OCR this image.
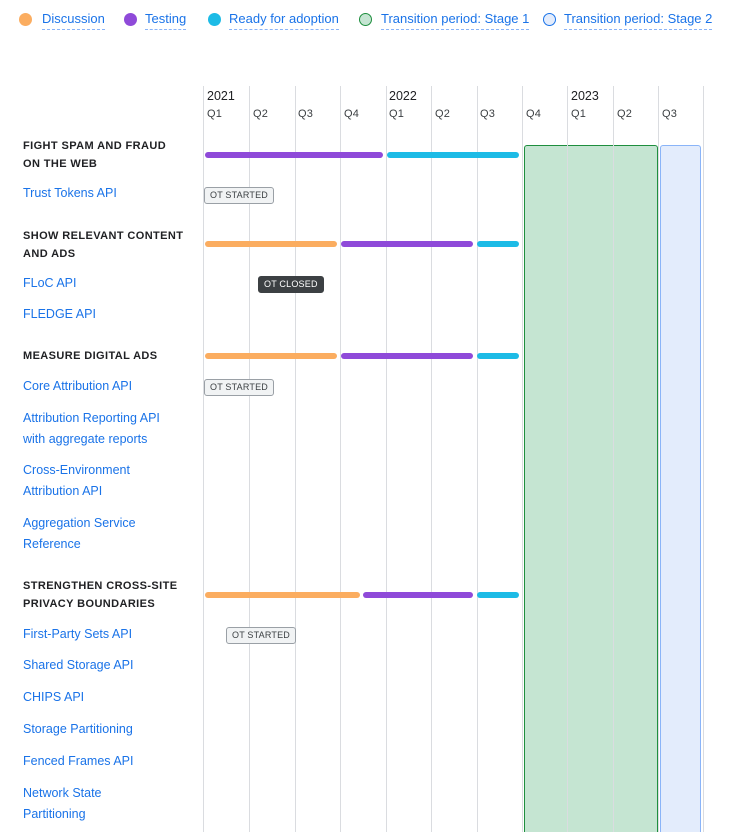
Discussion	Testing	Ready for adoption	Transition period: Stage 1	Transition period: Stage 2
2021	2022	2023
Q1	Q2	Q3	Q4	Q1	Q2	Q3	Q4	Q1	Q2	Q3
FIGHT SPAM AND FRAUD
ON THE WEB
Trust Tokens API	OT STARTED
SHOW RELEVANT CONTENT
AND ADS
FLoC API	OT CLOSED
FLEDGE API
MEASURE DIGITAL ADS
Core Attribution API	OT STARTED
Attribution Reporting API
with aggregate reports
Cross-Environment
Attribution API
Aggregation Service
Reference
STRENGTHEN CROSS-SITE
PRIVACY BOUNDARIES
First-Party Sets API	OT STARTED
Shared Storage API
CHIPS API
Storage Partitioning
Fenced Frames API
Network State
Partitioning
